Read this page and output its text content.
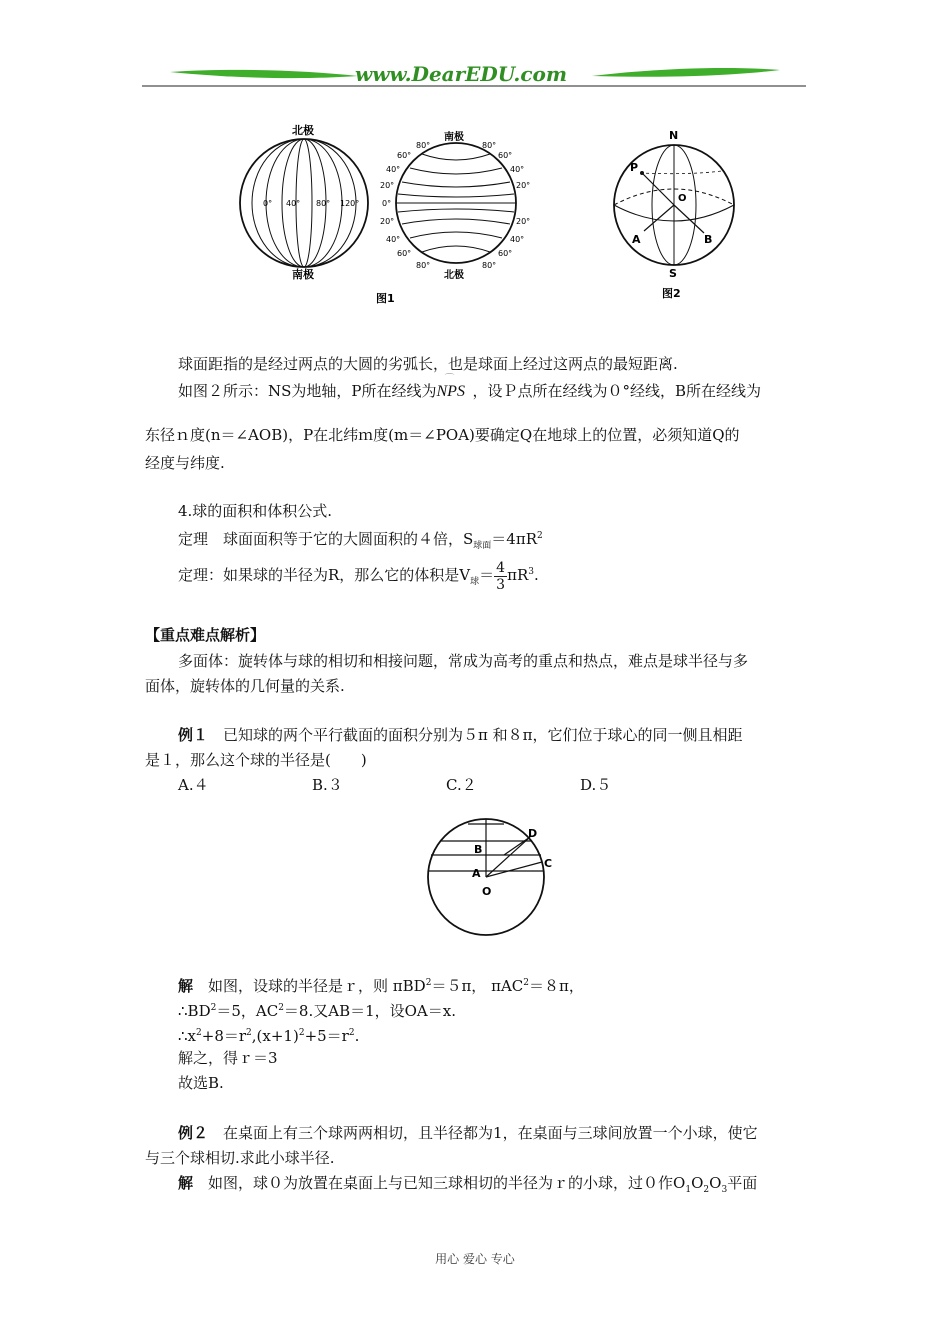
www.DearEDU.com
北极
南极
0° 40° 80° 120°
南极
北极
80°
60°
40°
20°
0°
20°
40°
60°
80°
80°
60°
40°
20°
20°
40°
60°
80°
图1
N
S
P
O
A	B
图2
球面距指的是经过两点的大圆的劣弧长，也是球面上经过这两点的最短距离.
如图２所示：NS为地轴，P所在经线为
⌒
NPS ，设Ｐ点所在经线为０°经线，B所在经线为
东径ｎ度(n＝∠AOB)，P在北纬ｍ度(m＝∠POA)要确定Q在地球上的位置，必须知道Q的
经度与纬度.
4.球的面积和体积公式.
定理　球面面积等于它的大圆面积的４倍，$S_{球面}=4\pi R^2$
定理：如果球的半径为R，那么它的体积是$V_球= \frac{4}{3} \pi R^3$.
【重点难点解析】
多面体：旋转体与球的相切和相接问题，常成为高考的重点和热点，难点是球半径与多
面体，旋转体的几何量的关系.
例１　 已知球的两个平行截面的面积分别为５π 和８π，它们位于球心的同一侧且相距
是１，那么这个球的半径是(　　)
A.４	B.３	C.２	D.５
D
B
C
A
O
解　 如图，设球的半径是ｒ，则 πBD$^2$＝５π， πAC$^2$＝８π，
$\therefore BD^2=5$，$AC^2=8$.又AB＝1，设OA＝x.
$\therefore x^2+8=r^2,(x+1)^2+5=r^2$.
解之，得ｒ＝3
故选B.
例２　 在桌面上有三个球两两相切，且半径都为1，在桌面与三球间放置一个小球，使它
与三个球相切.求此小球半径.
解　 如图，球０为放置在桌面上与已知三球相切的半径为ｒ的小球，过０作$O_1O_2O_3$平面
用心 爱心 专心
